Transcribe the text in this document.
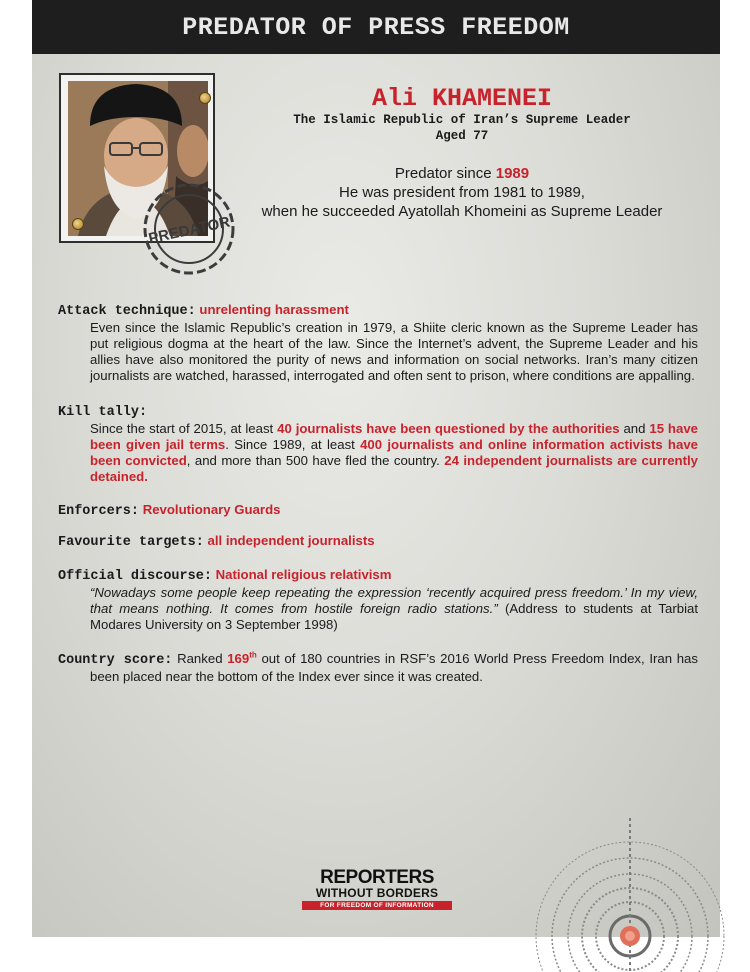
PREDATOR OF PRESS FREEDOM
PREDATOR
Ali KHAMENEI
The Islamic Republic of Iran’s Supreme Leader
Aged 77
Predator since 1989
He was president from 1981 to 1989,
when he succeeded Ayatollah Khomeini as Supreme Leader
Attack technique: unrelenting harassment
Even since the Islamic Republic’s creation in 1979, a Shiite cleric known as the Supreme Leader has put religious dogma at the heart of the law. Since the Internet’s advent, the Supreme Leader and his allies have also monitored the purity of news and information on social networks. Iran’s many citizen journalists are watched, harassed, interrogated and often sent to prison, where conditions are appalling.
Kill tally:
Since the start of 2015, at least 40 journalists have been questioned by the authorities and 15 have been given jail terms. Since 1989, at least 400 journalists and online information activists have been convicted, and more than 500 have fled the country. 24 independent journalists are currently detained.
Enforcers: Revolutionary Guards
Favourite targets: all independent journalists
Official discourse: National religious relativism
“Nowadays some people keep repeating the expression ‘recently acquired press freedom.’ In my view, that means nothing. It comes from hostile foreign radio stations.” (Address to students at Tarbiat Modares University on 3 September 1998)
Country score: Ranked 169th out of 180 countries in RSF’s 2016 World Press Freedom Index, Iran has been placed near the bottom of the Index ever since it was created.
REPORTERS
WITHOUT BORDERS
FOR FREEDOM OF INFORMATION
